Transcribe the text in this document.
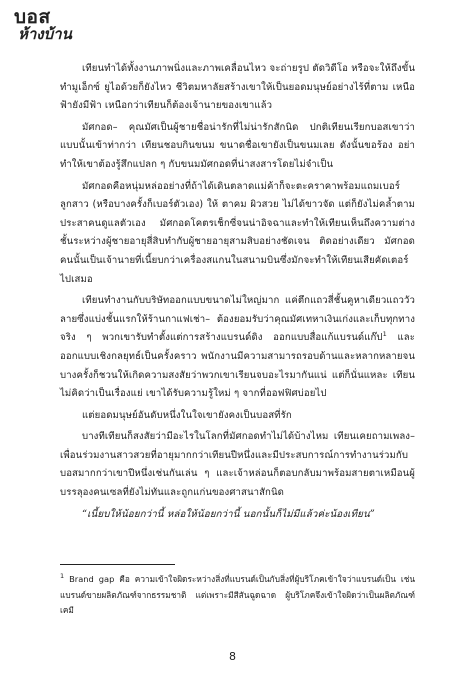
บอส
ห้างบ้าน

เทียนทำได้ทั้งงานภาพนิ่งและภาพเคลื่อนไหว จะถ่ายรูป ตัดวิดีโอ หรือจะให้ถึงขั้นทำมูเอ็กซ์ ยูไอด้วยก็ยังไหว ชีวิตมหาลัยสร้างเขาให้เป็นยอดมนุษย์อย่างไร้ที่ตาม เหนือฟ้ายังมีฟ้า เหนือกว่าเทียนก็ต้องเจ้านายของเขาแล้ว

มัศกอด– คุณมัศเป็นผู้ชายชื่อน่ารักที่ไม่น่ารักสักนิด ปกติเทียนเรียกบอสเขาว่าแบบนั้นเข้าท่ากว่า เทียนชอบกินขนม ขนาดชื่อเขายังเป็นขนมเลย ดังนั้นขอร้อง อย่าทำให้เขาต้องรู้สึกแปลก ๆ กับขนมมัศกอดที่น่าสงสารโดยไม่จำเป็น

มัศกอดคือหนุ่มหล่ออย่างที่ถ้าได้เดินตลาดแม่ค้าก็จะตะคราคาพร้อมแถมเบอร์ลูกสาว (หรือบางครั้งก็เบอร์ตัวเอง) ให้ ตาคม ผิวสวย ไม่ได้ขาวจัด แต่ก็ยังไม่คล้ำตามประสาคนดูแลตัวเอง มัศกอดโคตรเช็กซี่จนน่าอิจฉาและทำให้เทียนเห็นถึงความต่างชั้นระหว่างผู้ชายอายุสี่สิบทำกับผู้ชายอายุสามสิบอย่างชัดเจน ติดอย่างเดียว มัศกอดคนนั้นเป็นเจ้านายที่เนี้ยบกว่าเครื่องสแกนในสนามบินซึ่งมักจะทำให้เทียนเสียคัดเตอร์ไปเสมอ

เทียนทำงานกับบริษัทออกแบบขนาดไม่ใหญ่มาก แค่ตึกแถวสี่ชั้นคูหาเดียวแถววัวลายซึ่งแบ่งชั้นแรกให้ร้านกาแฟเช่า– ต้องยอมรับว่าคุณมัศเทหาเงินเก่งและเก็บทุกทางจริง ๆ พวกเขารับทำตั้งแต่การสร้างแบรนด์ดิง ออกแบบสื่อแก้แบรนด์แก๊ป$^1$ และออกแบบเชิงกลยุทธ์เป็นครั้งคราว พนักงานมีความสามารถรอบด้านและหลากหลายจนบางครั้งก็ชวนให้เกิดความสงสัยว่าพวกเขาเรียนจบอะไรมากันแน่ แต่ก็นั่นแหละ เทียนไม่คิดว่าเป็นเรื่องแย่ เขาได้รับความรู้ใหม่ ๆ จากที่ออฟฟิศบ่อยไป

แต่ยอดมนุษย์อันดับหนึ่งในใจเขายังคงเป็นบอสที่รัก

บางทีเทียนก็สงสัยว่ามีอะไรในโลกที่มัศกอดทำไม่ได้บ้างไหม เทียนเคยถามเพลง– เพื่อนร่วมงานสาวสวยที่อายุมากกว่าเทียนปีหนึ่งและมีประสบการณ์การทำงานร่วมกับบอสมากกว่าเขาปีหนึ่งเช่นกันเล่น ๆ และเจ้าหล่อนก็ตอบกลับมาพร้อมสายตาเหมือนผู้บรรลุองคนเซลที่ยังไม่ทันและถูกแก่นของศาสนาสักนิด

“เนี้ยบให้น้อยกว่านี้ หล่อให้น้อยกว่านี้ นอกนั้นก็ไม่มีแล้วค่ะน้องเทียน”

$^1$ Brand gap คือ ความเข้าใจผิดระหว่างสิ่งที่แบรนด์เป็นกับสิ่งที่ผู้บริโภคเข้าใจว่าแบรนด์เป็น เช่น แบรนด์ขายผลิตภัณฑ์จากธรรมชาติ แต่เพราะมีสีสันฉูดฉาด ผู้บริโภคจึงเข้าใจผิดว่าเป็นผลิตภัณฑ์เคมี
8
